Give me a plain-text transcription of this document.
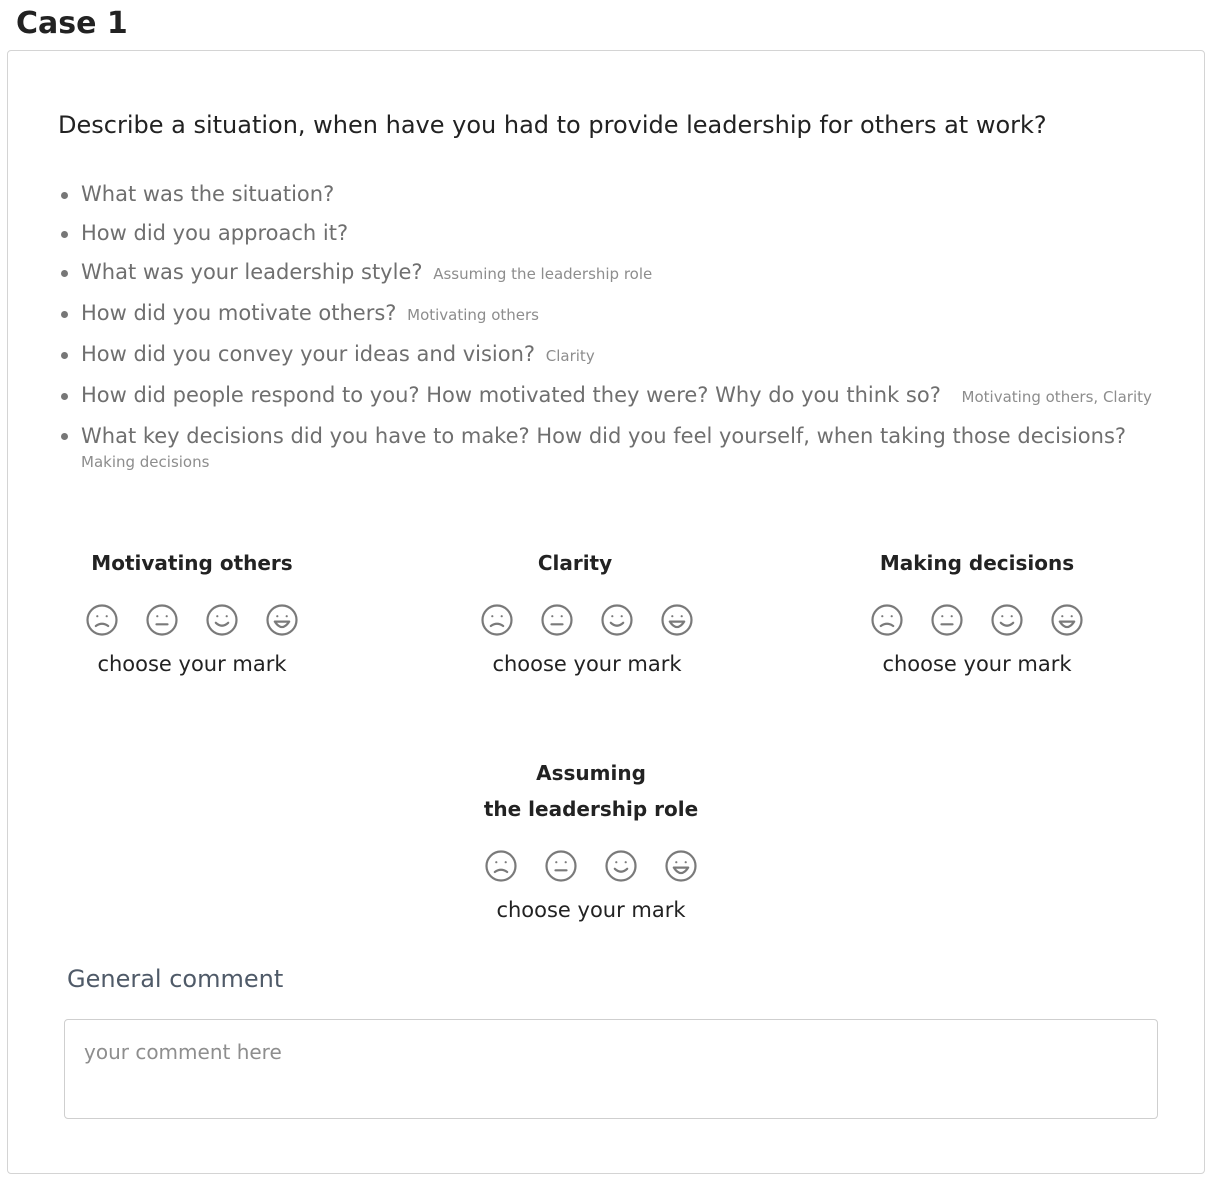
Case 1
Describe a situation, when have you had to provide leadership for others at work?
What was the situation?
How did you approach it?
What was your leadership style? Assuming the leadership role
How did you motivate others? Motivating others
How did you convey your ideas and vision? Clarity
How did people respond to you? How motivated they were? Why do you think so? Motivating others, Clarity
What key decisions did you have to make? How did you feel yourself, when taking those decisions?
Making decisions
Motivating others
choose your mark
Clarity
choose your mark
Making decisions
choose your mark
Assuming
the leadership role
choose your mark
General comment
your comment here
